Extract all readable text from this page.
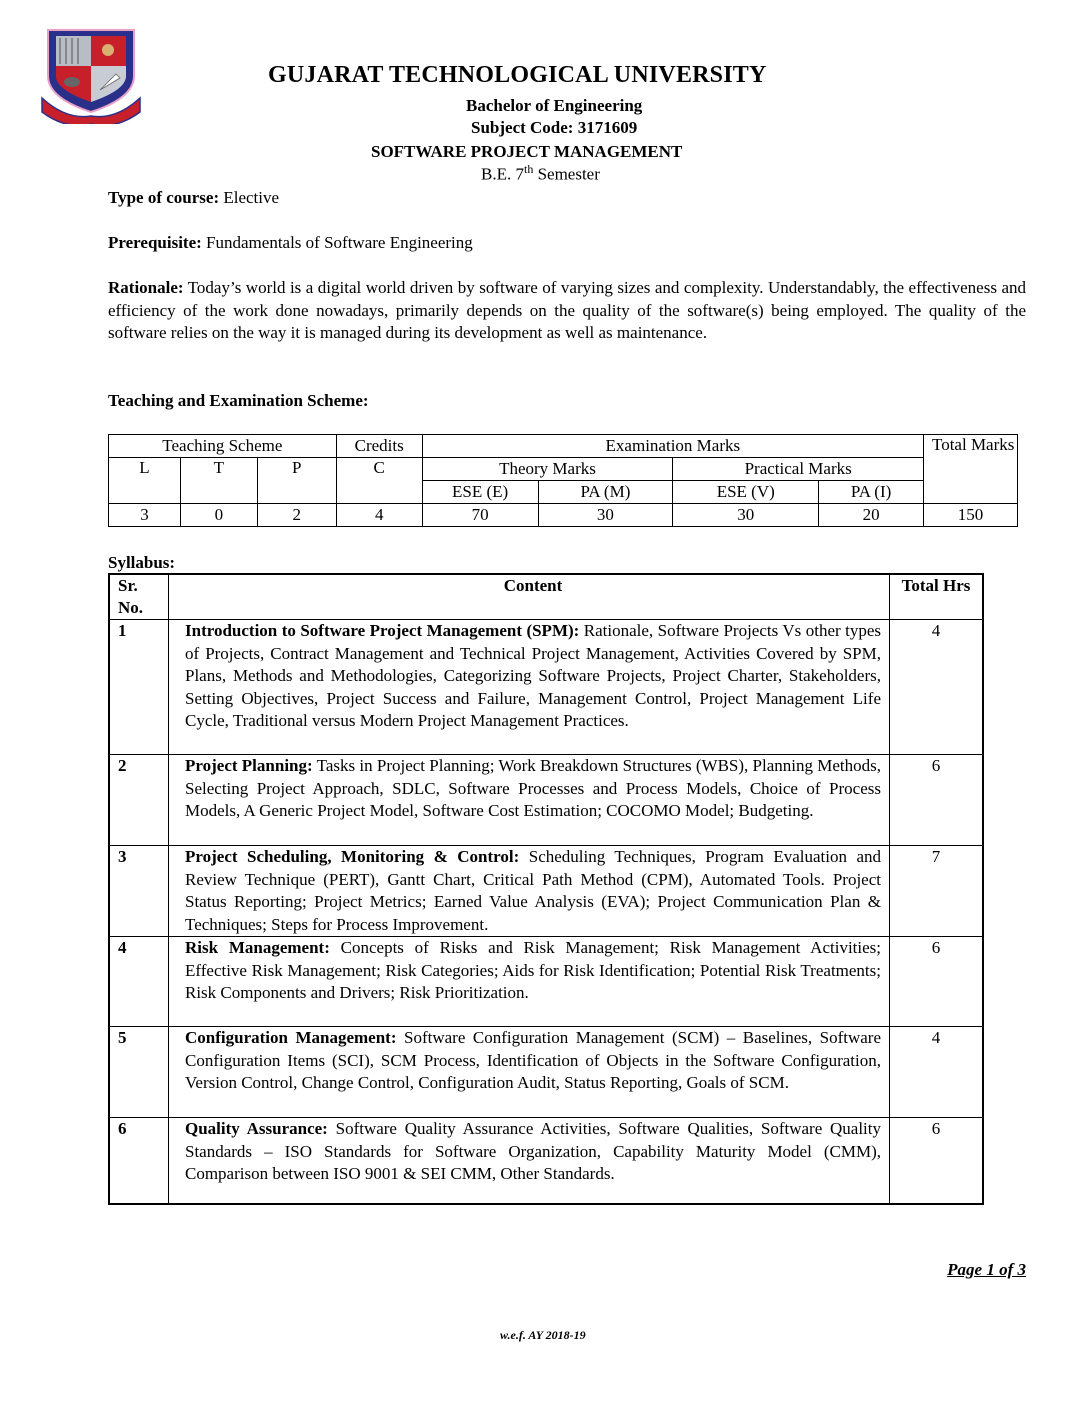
GUJARAT TECHNOLOGICAL UNIVERSITY
Bachelor of Engineering
Subject Code: 3171609
SOFTWARE PROJECT MANAGEMENT
B.E. 7th Semester
Type of course: Elective
Prerequisite: Fundamentals of Software Engineering
Rationale: Today’s world is a digital world driven by software of varying sizes and complexity. Understandably, the effectiveness and efficiency of the work done nowadays, primarily depends on the quality of the software(s) being employed. The quality of the software relies on the way it is managed during its development as well as maintenance.
Teaching and Examination Scheme:
Teaching Scheme			Credits	Examination Marks				Total Marks
L	T	P	C	Theory Marks		Practical Marks		
				ESE (E)	PA (M)	ESE (V)	PA (I)	
3	0	2	4	70	30	30	20	150
Syllabus:
Sr. No.	Content	Total Hrs
1	Introduction to Software Project Management (SPM): Rationale, Software Projects Vs other types of Projects, Contract Management and Technical Project Management, Activities Covered by SPM, Plans, Methods and Methodologies, Categorizing Software Projects, Project Charter, Stakeholders, Setting Objectives, Project Success and Failure, Management Control, Project Management Life Cycle, Traditional versus Modern Project Management Practices.	4
2	Project Planning: Tasks in Project Planning; Work Breakdown Structures (WBS), Planning Methods, Selecting Project Approach, SDLC, Software Processes and Process Models, Choice of Process Models, A Generic Project Model, Software Cost Estimation; COCOMO Model; Budgeting.	6
3	Project Scheduling, Monitoring & Control: Scheduling Techniques, Program Evaluation and Review Technique (PERT), Gantt Chart, Critical Path Method (CPM), Automated Tools. Project Status Reporting; Project Metrics; Earned Value Analysis (EVA); Project Communication Plan & Techniques; Steps for Process Improvement.	7
4	Risk Management: Concepts of Risks and Risk Management; Risk Management Activities; Effective Risk Management; Risk Categories; Aids for Risk Identification; Potential Risk Treatments; Risk Components and Drivers; Risk Prioritization.	6
5	Configuration Management: Software Configuration Management (SCM) – Baselines, Software Configuration Items (SCI), SCM Process, Identification of Objects in the Software Configuration, Version Control, Change Control, Configuration Audit, Status Reporting, Goals of SCM.	4
6	Quality Assurance: Software Quality Assurance Activities, Software Qualities, Software Quality Standards – ISO Standards for Software Organization, Capability Maturity Model (CMM), Comparison between ISO 9001 & SEI CMM, Other Standards.	6
Page 1 of 3
w.e.f. AY 2018-19
